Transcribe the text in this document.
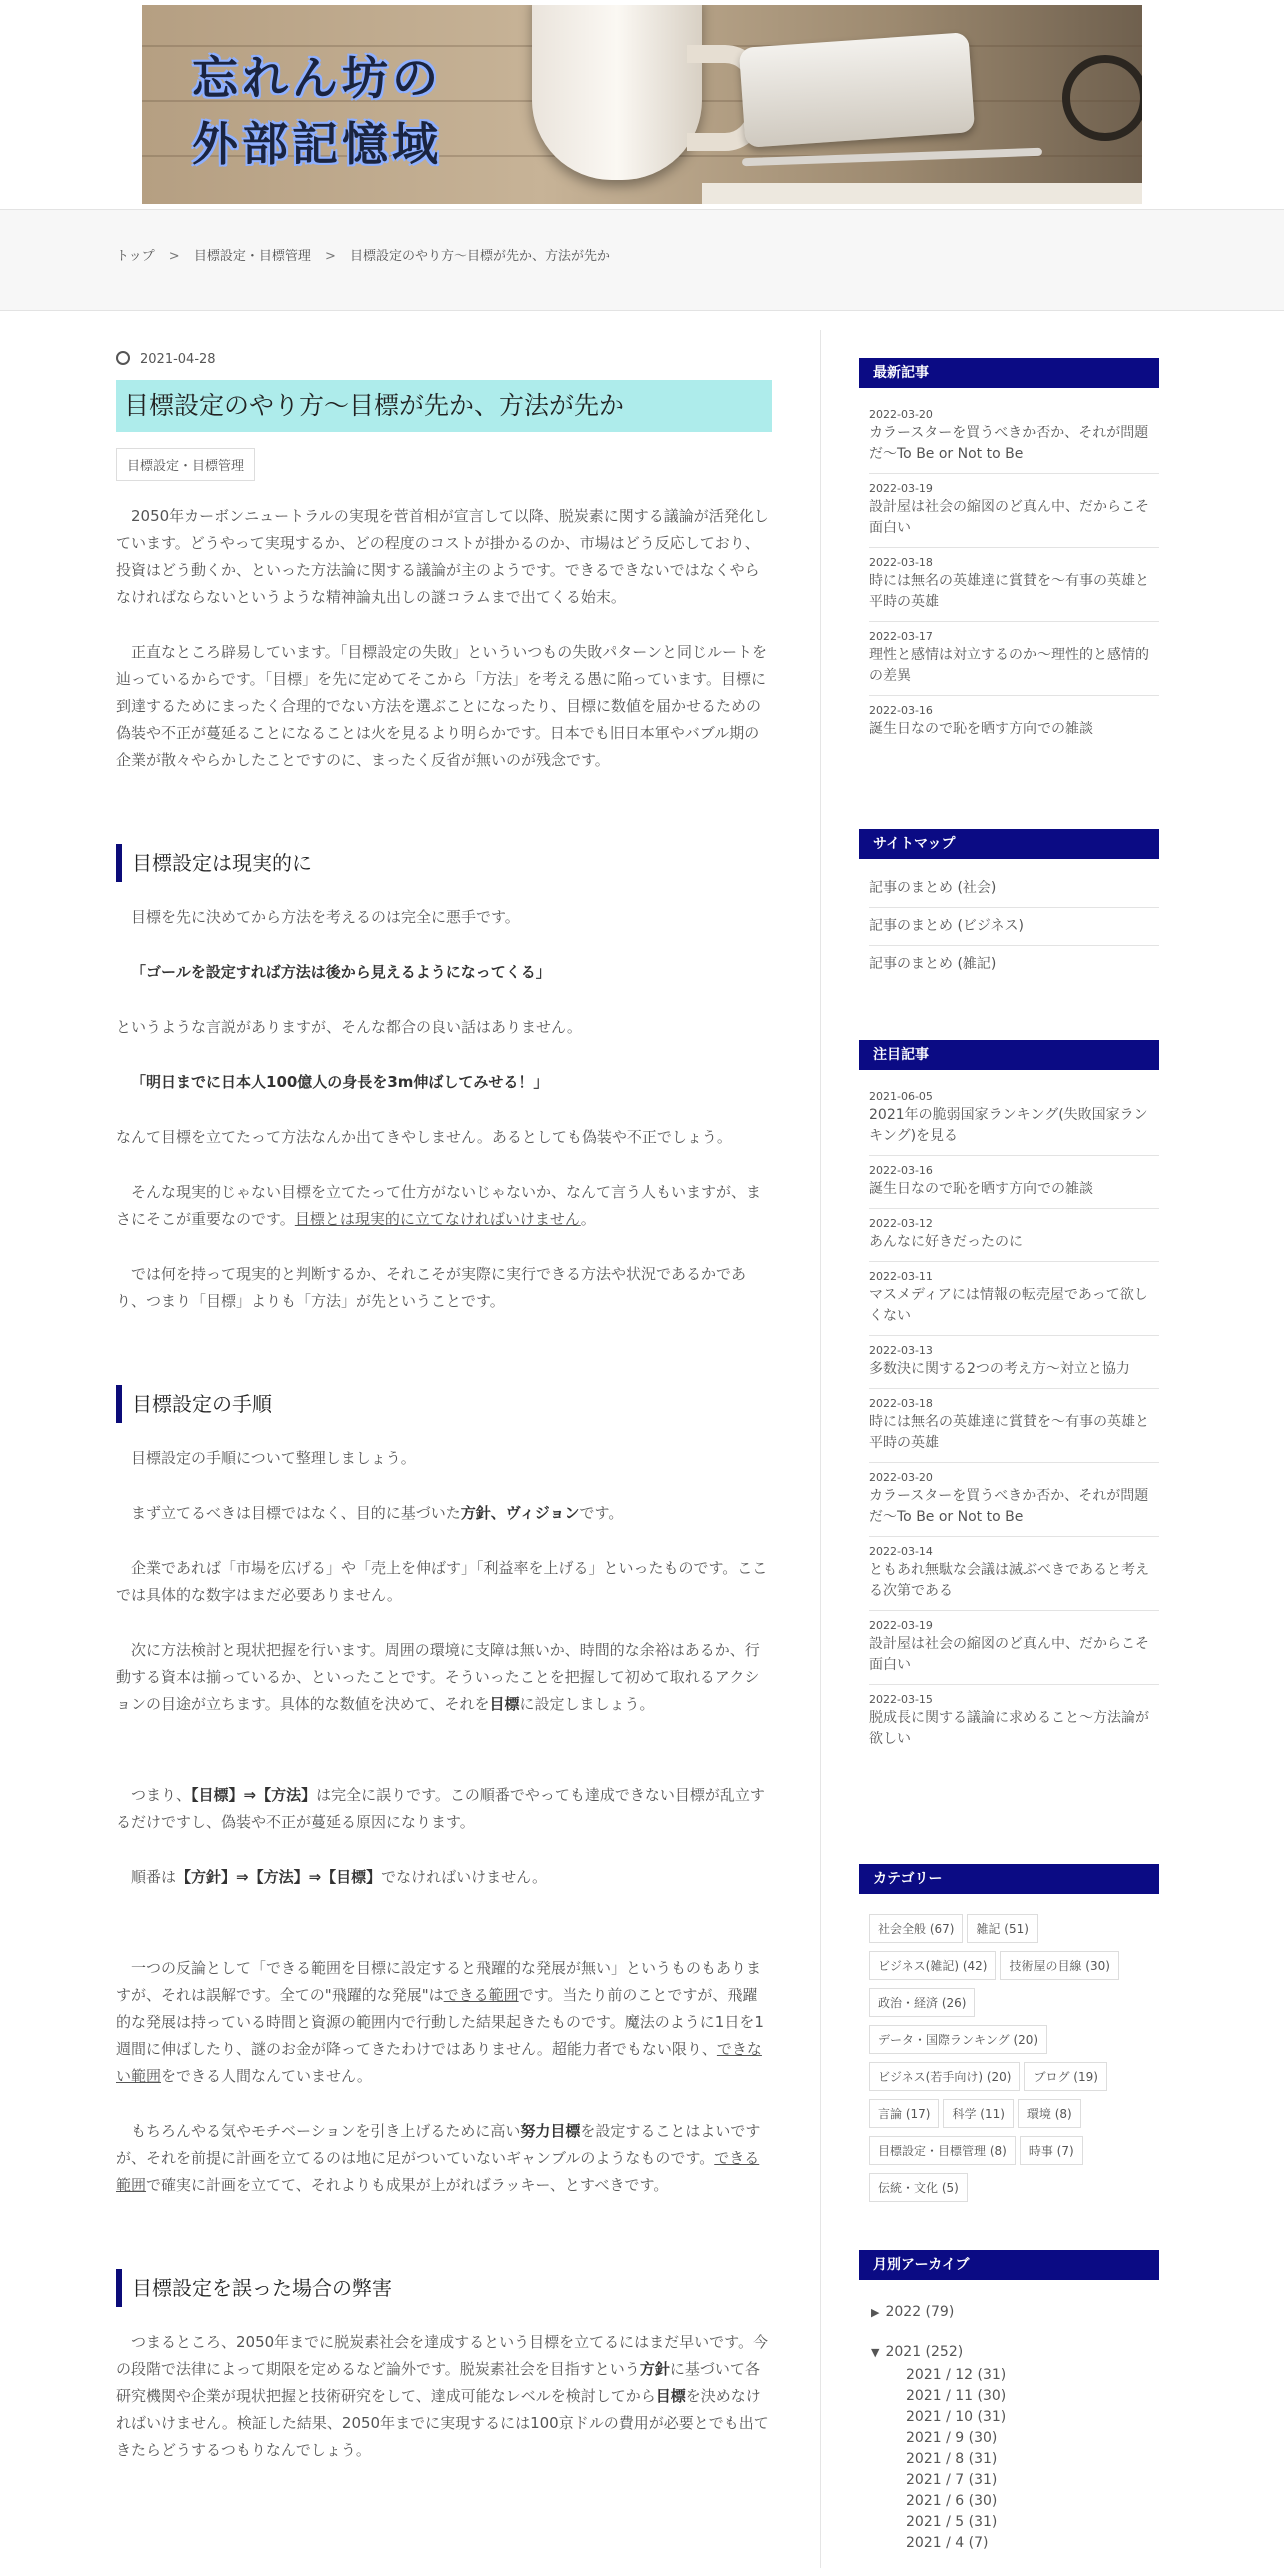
忘れん坊の
外部記憶域
トップ > 目標設定・目標管理 > 目標設定のやり方～目標が先か、方法が先か
2021-04-28
目標設定のやり方～目標が先か、方法が先か
目標設定・目標管理

2050年カーボンニュートラルの実現を菅首相が宣言して以降、脱炭素に関する議論が活発化しています。どうやって実現するか、どの程度のコストが掛かるのか、市場はどう反応しており、投資はどう動くか、といった方法論に関する議論が主のようです。できるできないではなくやらなければならないというような精神論丸出しの謎コラムまで出てくる始末。

正直なところ辟易しています。「目標設定の失敗」といういつもの失敗パターンと同じルートを辿っているからです。「目標」を先に定めてそこから「方法」を考える愚に陥っています。目標に到達するためにまったく合理的でない方法を選ぶことになったり、目標に数値を届かせるための偽装や不正が蔓延ることになることは火を見るより明らかです。日本でも旧日本軍やバブル期の企業が散々やらかしたことですのに、まったく反省が無いのが残念です。

目標設定は現実的に

目標を先に決めてから方法を考えるのは完全に悪手です。

「ゴールを設定すれば方法は後から見えるようになってくる」

というような言説がありますが、そんな都合の良い話はありません。

「明日までに日本人100億人の身長を3m伸ばしてみせる！」

なんて目標を立てたって方法なんか出てきやしません。あるとしても偽装や不正でしょう。

そんな現実的じゃない目標を立てたって仕方がないじゃないか、なんて言う人もいますが、まさにそこが重要なのです。目標とは現実的に立てなければいけません。

では何を持って現実的と判断するか、それこそが実際に実行できる方法や状況であるかであり、つまり「目標」よりも「方法」が先ということです。

目標設定の手順

目標設定の手順について整理しましょう。

まず立てるべきは目標ではなく、目的に基づいた方針、ヴィジョンです。

企業であれば「市場を広げる」や「売上を伸ばす」「利益率を上げる」といったものです。ここでは具体的な数字はまだ必要ありません。

次に方法検討と現状把握を行います。周囲の環境に支障は無いか、時間的な余裕はあるか、行動する資本は揃っているか、といったことです。そういったことを把握して初めて取れるアクションの目途が立ちます。具体的な数値を決めて、それを目標に設定しましょう。

つまり、【目標】⇒【方法】は完全に誤りです。この順番でやっても達成できない目標が乱立するだけですし、偽装や不正が蔓延る原因になります。

順番は【方針】⇒【方法】⇒【目標】でなければいけません。

一つの反論として「できる範囲を目標に設定すると飛躍的な発展が無い」というものもありますが、それは誤解です。全ての"飛躍的な発展"はできる範囲です。当たり前のことですが、飛躍的な発展は持っている時間と資源の範囲内で行動した結果起きたものです。魔法のように1日を1週間に伸ばしたり、謎のお金が降ってきたわけではありません。超能力者でもない限り、できない範囲をできる人間なんていません。

もちろんやる気やモチベーションを引き上げるために高い努力目標を設定することはよいですが、それを前提に計画を立てるのは地に足がついていないギャンブルのようなものです。できる範囲で確実に計画を立てて、それよりも成果が上がればラッキー、とすべきです。

目標設定を誤った場合の弊害

つまるところ、2050年までに脱炭素社会を達成するという目標を立てるにはまだ早いです。今の段階で法律によって期限を定めるなど論外です。脱炭素社会を目指すという方針に基づいて各研究機関や企業が現状把握と技術研究をして、達成可能なレベルを検討してから目標を決めなければいけません。検証した結果、2050年までに実現するには100京ドルの費用が必要とでも出てきたらどうするつもりなんでしょう。

最新記事
2022-03-20
カラースターを買うべきか否か、それが問題だ～To Be or Not to Be
2022-03-19
設計屋は社会の縮図のど真ん中、だからこそ面白い
2022-03-18
時には無名の英雄達に賞賛を～有事の英雄と平時の英雄
2022-03-17
理性と感情は対立するのか～理性的と感情的の差異
2022-03-16
誕生日なので恥を晒す方向での雑談
サイトマップ
記事のまとめ (社会)
記事のまとめ (ビジネス)
記事のまとめ (雑記)
注目記事
2021-06-05
2021年の脆弱国家ランキング(失敗国家ランキング)を見る
2022-03-16
誕生日なので恥を晒す方向での雑談
2022-03-12
あんなに好きだったのに
2022-03-11
マスメディアには情報の転売屋であって欲しくない
2022-03-13
多数決に関する2つの考え方～対立と協力
2022-03-18
時には無名の英雄達に賞賛を～有事の英雄と平時の英雄
2022-03-20
カラースターを買うべきか否か、それが問題だ～To Be or Not to Be
2022-03-14
ともあれ無駄な会議は滅ぶべきであると考える次第である
2022-03-19
設計屋は社会の縮図のど真ん中、だからこそ面白い
2022-03-15
脱成長に関する議論に求めること～方法論が欲しい
カテゴリー
社会全般 (67) 雑記 (51)
ビジネス(雑記) (42) 技術屋の目線 (30)
政治・経済 (26)
データ・国際ランキング (20)
ビジネス(若手向け) (20) ブログ (19)
言論 (17) 科学 (11) 環境 (8)
目標設定・目標管理 (8) 時事 (7)
伝統・文化 (5)
月別アーカイブ
▶ 2022 (79)
▼ 2021 (252)
2021 / 12 (31)
2021 / 11 (30)
2021 / 10 (31)
2021 / 9 (30)
2021 / 8 (31)
2021 / 7 (31)
2021 / 6 (30)
2021 / 5 (31)
2021 / 4 (7)
